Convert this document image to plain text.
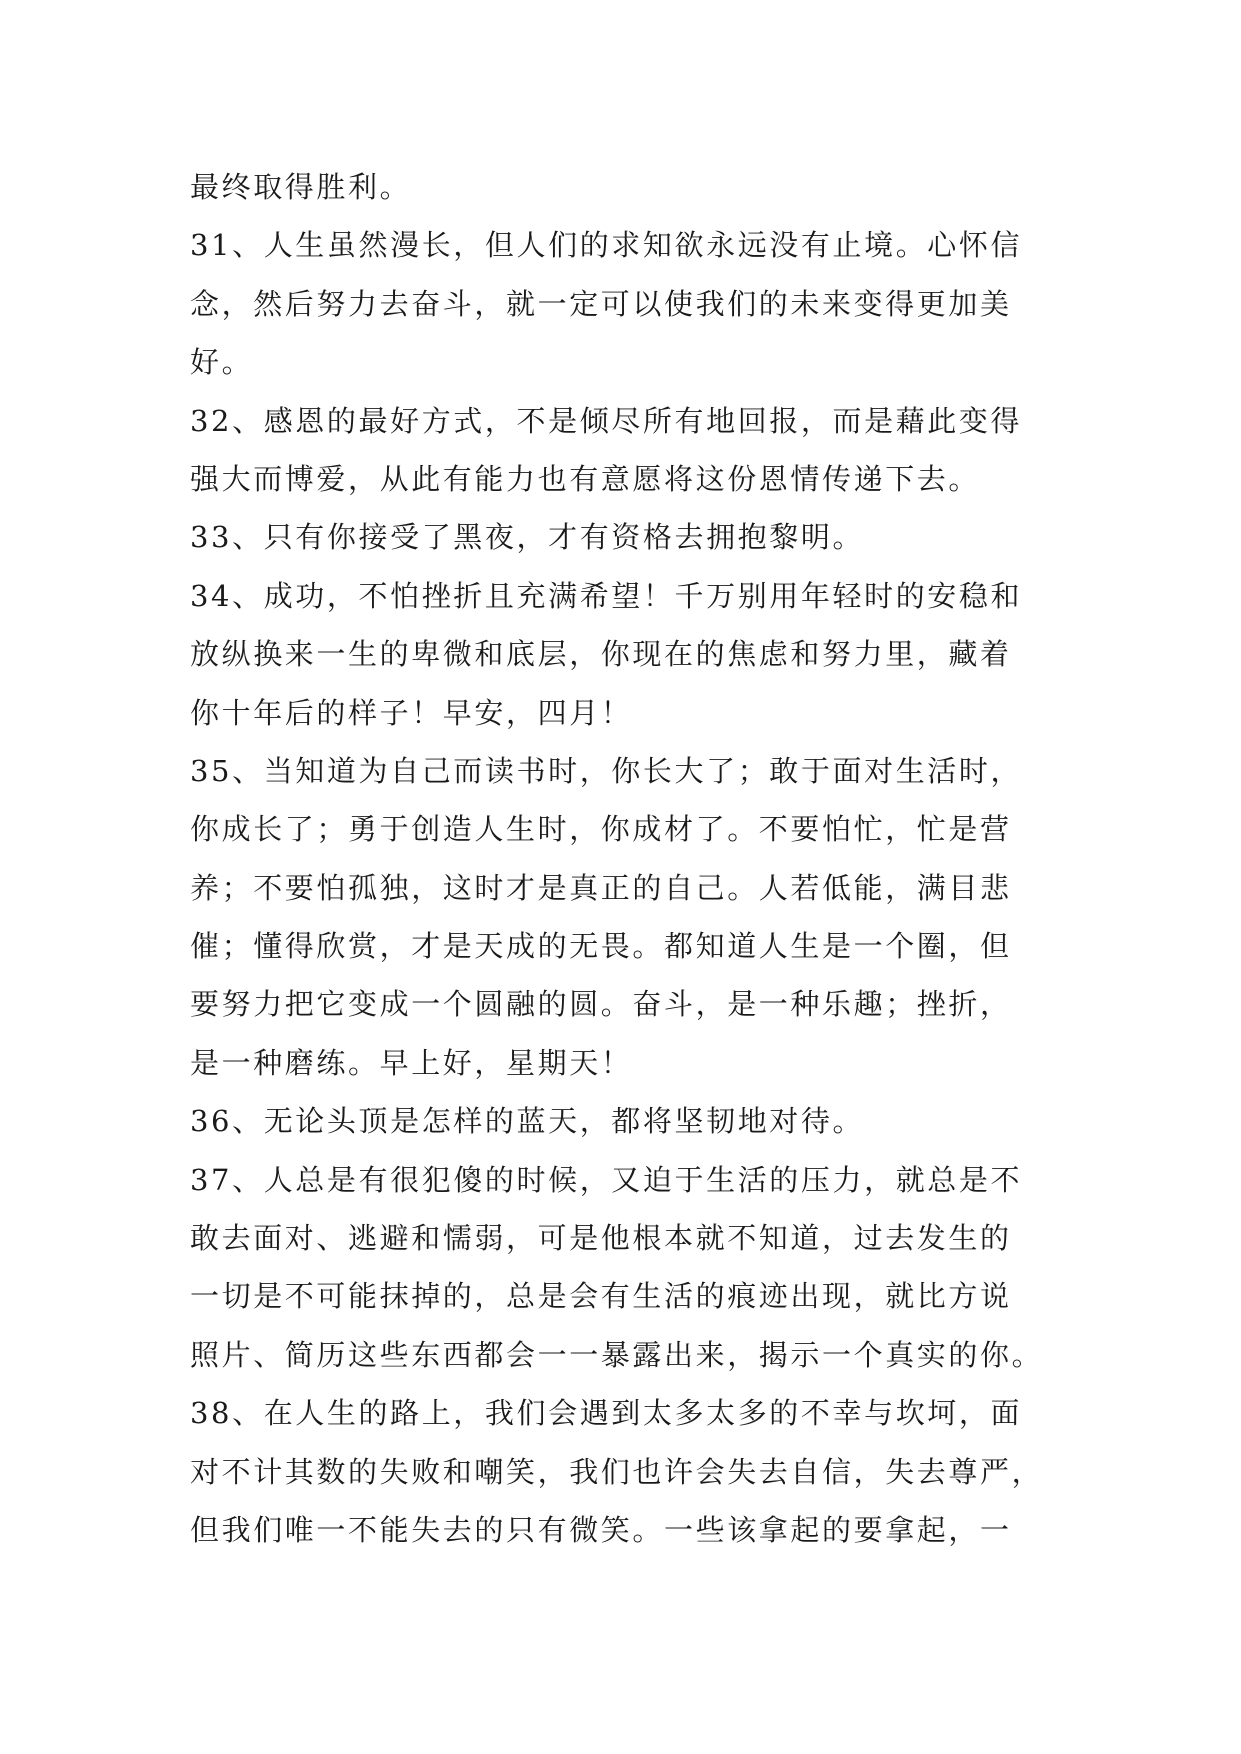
最终取得胜利。
31、人生虽然漫长，但人们的求知欲永远没有止境。心怀信
念，然后努力去奋斗，就一定可以使我们的未来变得更加美
好。
32、感恩的最好方式，不是倾尽所有地回报，而是藉此变得
强大而博爱，从此有能力也有意愿将这份恩情传递下去。
33、只有你接受了黑夜，才有资格去拥抱黎明。
34、成功，不怕挫折且充满希望！千万别用年轻时的安稳和
放纵换来一生的卑微和底层，你现在的焦虑和努力里，藏着
你十年后的样子！早安，四月！
35、当知道为自己而读书时，你长大了；敢于面对生活时，
你成长了；勇于创造人生时，你成材了。不要怕忙，忙是营
养；不要怕孤独，这时才是真正的自己。人若低能，满目悲
催；懂得欣赏，才是天成的无畏。都知道人生是一个圈，但
要努力把它变成一个圆融的圆。奋斗，是一种乐趣；挫折，
是一种磨练。早上好，星期天！
36、无论头顶是怎样的蓝天，都将坚韧地对待。
37、人总是有很犯傻的时候，又迫于生活的压力，就总是不
敢去面对、逃避和懦弱，可是他根本就不知道，过去发生的
一切是不可能抹掉的，总是会有生活的痕迹出现，就比方说
照片、简历这些东西都会一一暴露出来，揭示一个真实的你。
38、在人生的路上，我们会遇到太多太多的不幸与坎坷，面
对不计其数的失败和嘲笑，我们也许会失去自信，失去尊严，
但我们唯一不能失去的只有微笑。一些该拿起的要拿起，一
